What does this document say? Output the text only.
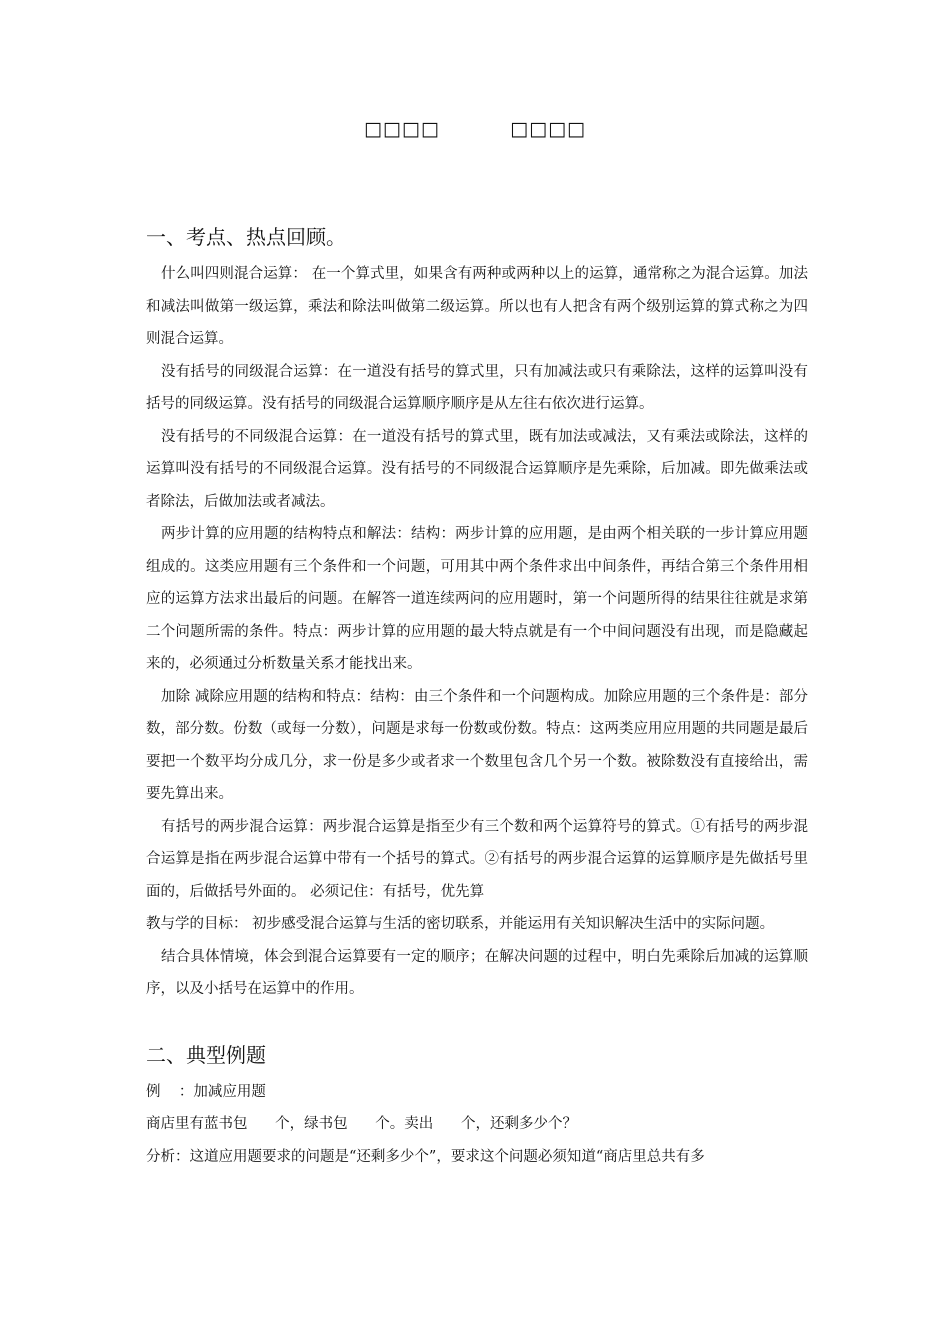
□□□□          □□□□
一、考点、热点回顾。

什么叫四则混合运算： 在一个算式里，如果含有两种或两种以上的运算，通常称之为混合运算。加法和减法叫做第一级运算，乘法和除法叫做第二级运算。所以也有人把含有两个级别运算的算式称之为四则混合运算。

没有括号的同级混合运算：在一道没有括号的算式里，只有加减法或只有乘除法，这样的运算叫没有括号的同级运算。没有括号的同级混合运算顺序顺序是从左往右依次进行运算。

没有括号的不同级混合运算：在一道没有括号的算式里，既有加法或减法，又有乘法或除法，这样的运算叫没有括号的不同级混合运算。没有括号的不同级混合运算顺序是先乘除，后加减。即先做乘法或者除法，后做加法或者减法。

两步计算的应用题的结构特点和解法：结构：两步计算的应用题，是由两个相关联的一步计算应用题组成的。这类应用题有三个条件和一个问题，可用其中两个条件求出中间条件，再结合第三个条件用相应的运算方法求出最后的问题。在解答一道连续两问的应用题时，第一个问题所得的结果往往就是求第二个问题所需的条件。特点：两步计算的应用题的最大特点就是有一个中间问题没有出现，而是隐藏起来的，必须通过分析数量关系才能找出来。

加除 减除应用题的结构和特点：结构：由三个条件和一个问题构成。加除应用题的三个条件是：部分数，部分数。份数（或每一分数），问题是求每一份数或份数。特点：这两类应用应用题的共同题是最后要把一个数平均分成几分，求一份是多少或者求一个数里包含几个另一个数。被除数没有直接给出，需要先算出来。

有括号的两步混合运算：两步混合运算是指至少有三个数和两个运算符号的算式。①有括号的两步混合运算是指在两步混合运算中带有一个括号的算式。②有括号的两步混合运算的运算顺序是先做括号里面的，后做括号外面的。 必须记住：有括号，优先算

教与学的目标： 初步感受混合运算与生活的密切联系，并能运用有关知识解决生活中的实际问题。

结合具体情境，体会到混合运算要有一定的顺序；在解决问题的过程中，明白先乘除后加减的运算顺序，以及小括号在运算中的作用。

二、典型例题

例    ：加减应用题

商店里有蓝书包      个，绿书包      个。卖出      个，还剩多少个？

分析：这道应用题要求的问题是“还剩多少个”，要求这个问题必须知道“商店里总共有多
